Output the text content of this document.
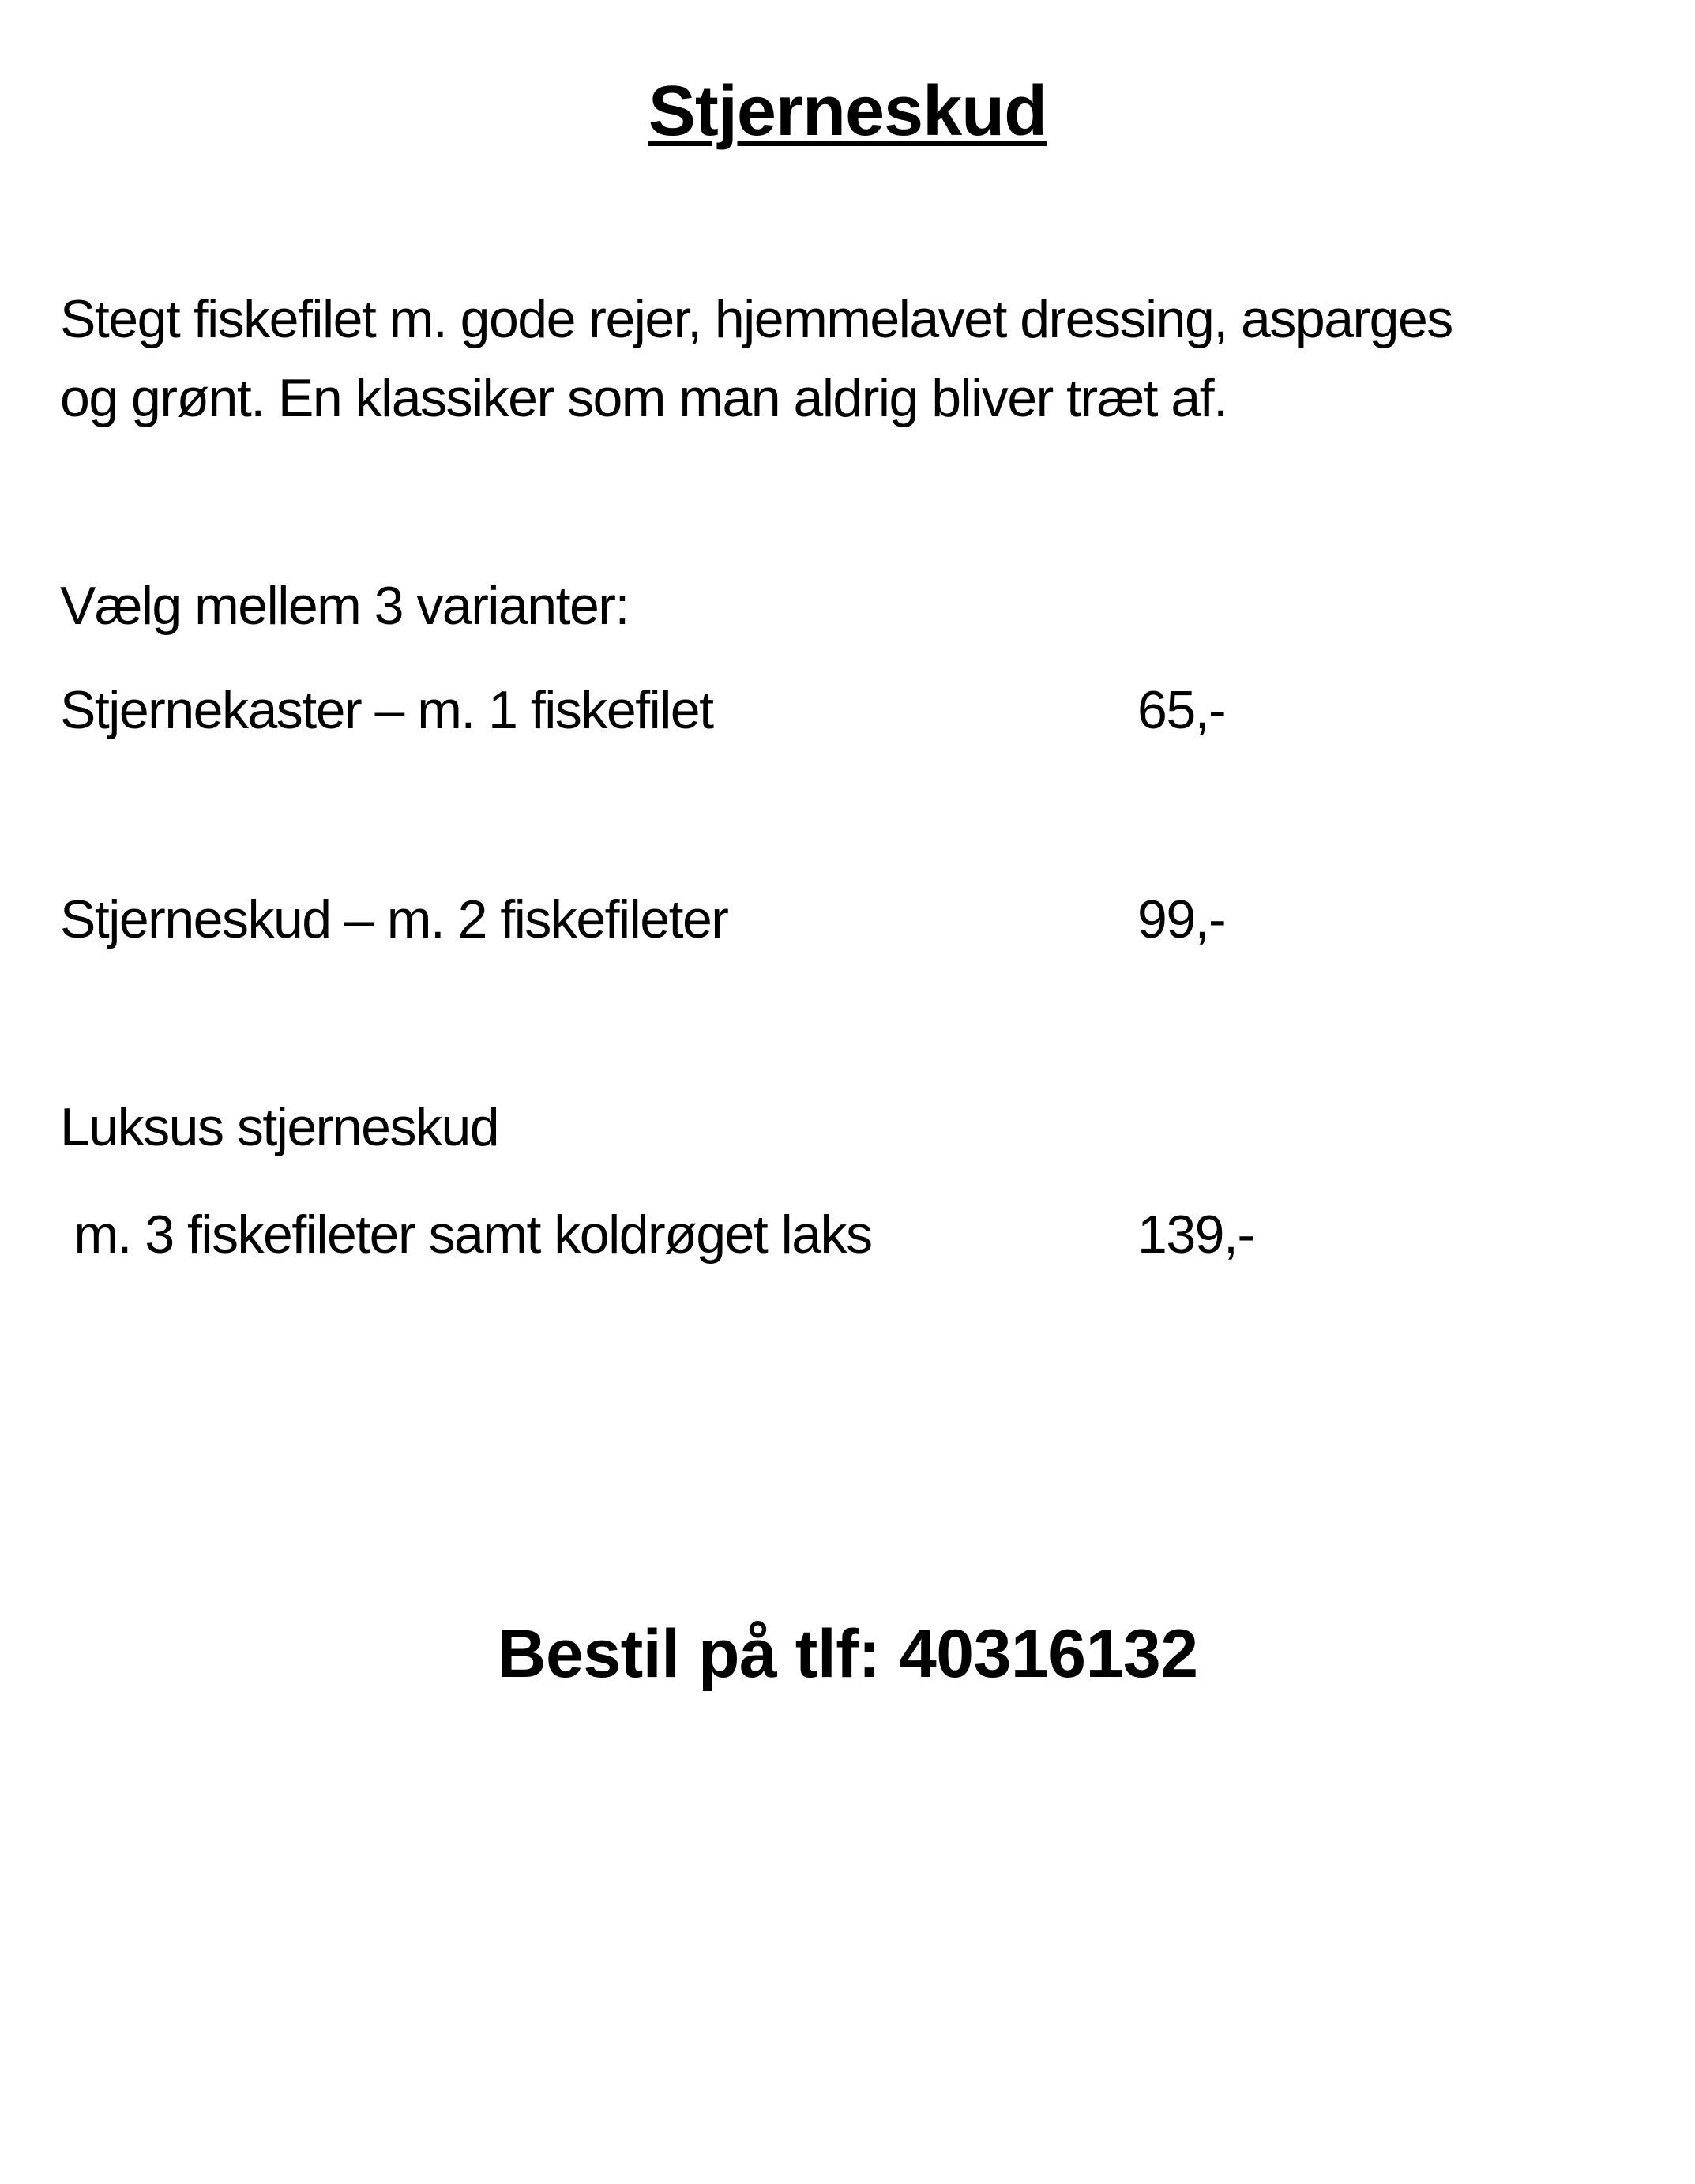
Stjerneskud
Stegt fiskefilet m. gode rejer, hjemmelavet dressing, asparges
og grønt. En klassiker som man aldrig bliver træt af.
Vælg mellem 3 varianter:
Stjernekaster – m. 1 fiskefilet	65,-
Stjerneskud – m. 2 fiskefileter	99,-
Luksus stjerneskud
m. 3 fiskefileter samt koldrøget laks	139,-
Bestil på tlf: 40316132
